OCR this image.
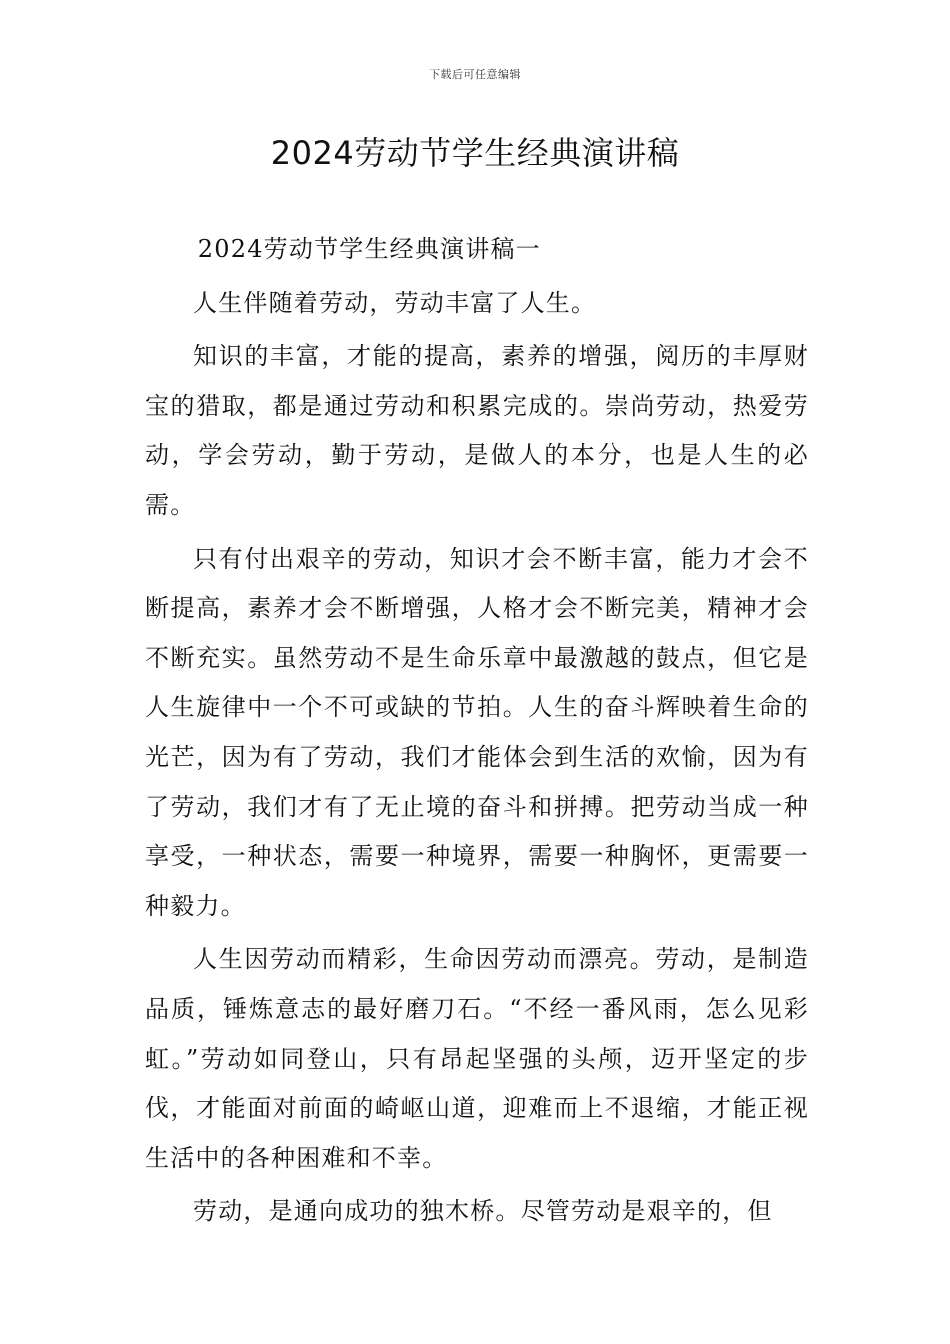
下载后可任意编辑
2024劳动节学生经典演讲稿

2024劳动节学生经典演讲稿一

人生伴随着劳动，劳动丰富了人生。

知识的丰富，才能的提高，素养的增强，阅历的丰厚财宝的猎取，都是通过劳动和积累完成的。崇尚劳动，热爱劳动，学会劳动，勤于劳动，是做人的本分，也是人生的必需。

只有付出艰辛的劳动，知识才会不断丰富，能力才会不断提高，素养才会不断增强，人格才会不断完美，精神才会不断充实。虽然劳动不是生命乐章中最激越的鼓点，但它是人生旋律中一个不可或缺的节拍。人生的奋斗辉映着生命的光芒，因为有了劳动，我们才能体会到生活的欢愉，因为有了劳动，我们才有了无止境的奋斗和拼搏。把劳动当成一种享受，一种状态，需要一种境界，需要一种胸怀，更需要一种毅力。

人生因劳动而精彩，生命因劳动而漂亮。劳动，是制造品质，锤炼意志的最好磨刀石。“不经一番风雨，怎么见彩虹。”劳动如同登山，只有昂起坚强的头颅，迈开坚定的步伐，才能面对前面的崎岖山道，迎难而上不退缩，才能正视生活中的各种困难和不幸。

劳动，是通向成功的独木桥。尽管劳动是艰辛的，但
